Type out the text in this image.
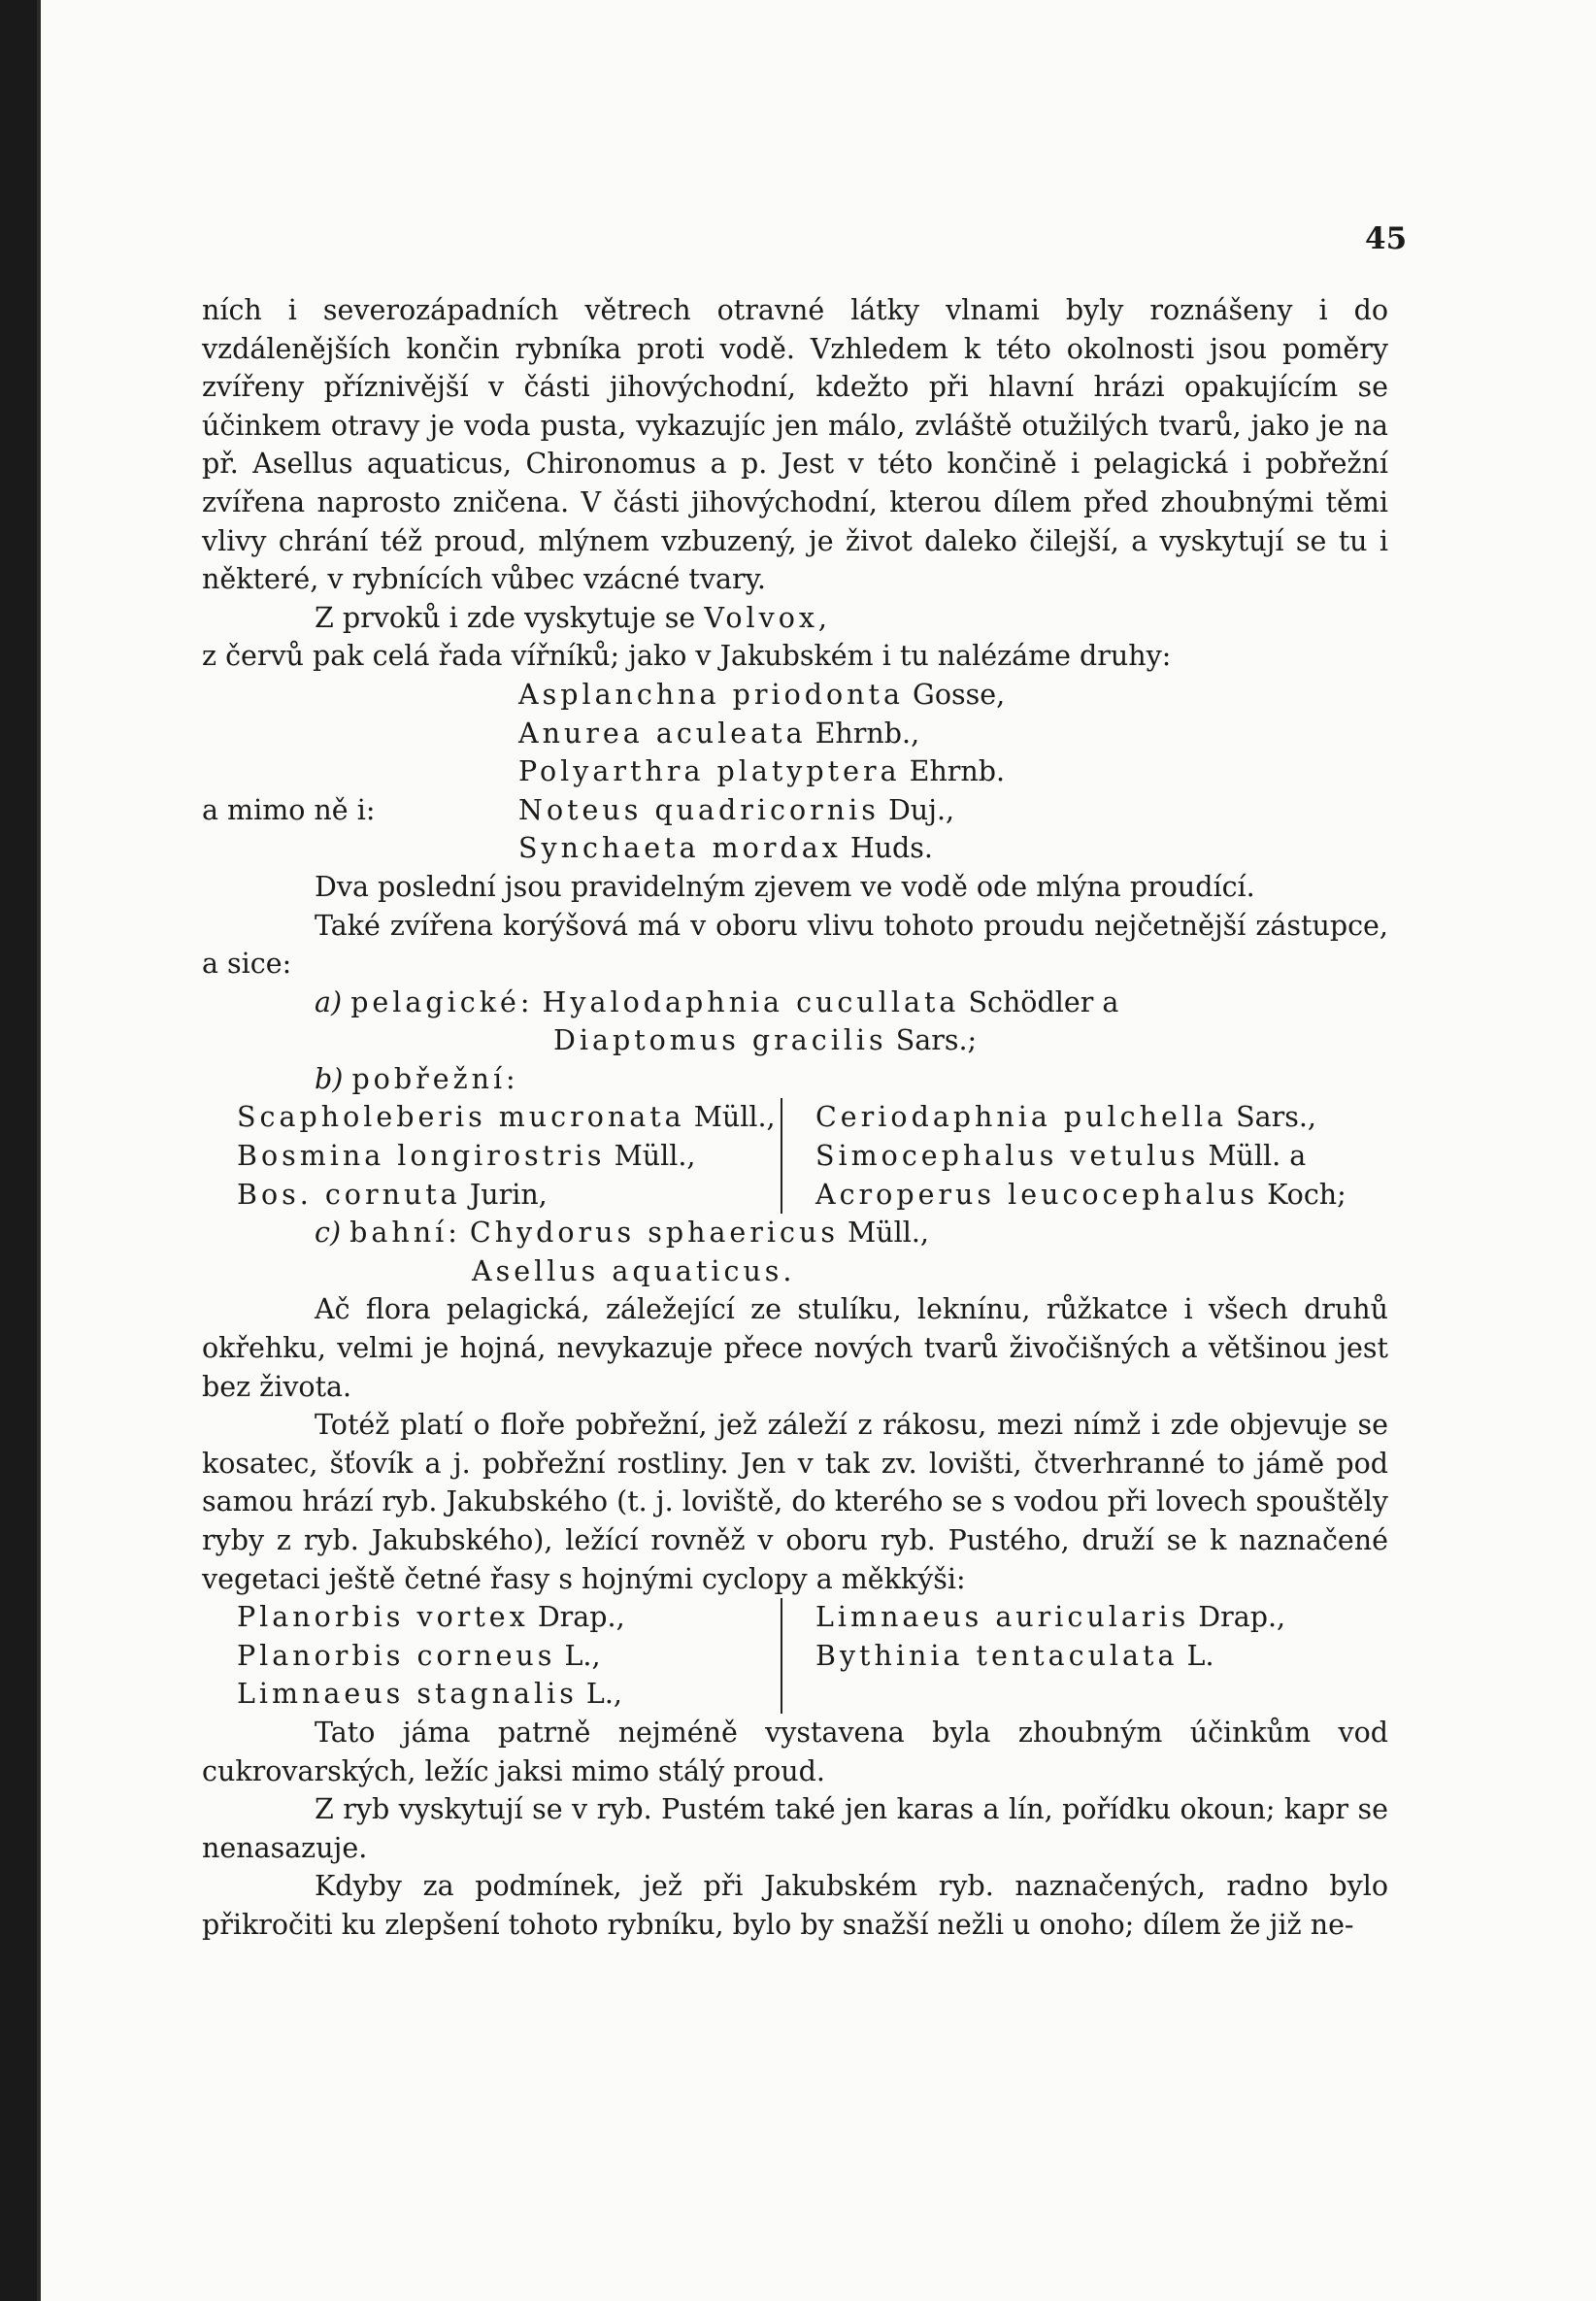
45

ních i severozápadních větrech otravné látky vlnami byly roznášeny i do vzdálenějších končin rybníka proti vodě. Vzhledem k této okolnosti jsou poměry zvířeny příznivější v části jihovýchodní, kdežto při hlavní hrázi opakujícím se účinkem otravy je voda pusta, vykazujíc jen málo, zvláště otužilých tvarů, jako je na př. Asellus aquaticus, Chironomus a p. Jest v této končině i pelagická i pobřežní zvířena naprosto zničena. V části jihovýchodní, kterou dílem před zhoubnými těmi vlivy chrání též proud, mlýnem vzbuzený, je život daleko čilejší, a vyskytují se tu i některé, v rybnících vůbec vzácné tvary.

Z prvoků i zde vyskytuje se Volvox,

z červů pak celá řada vířníků; jako v Jakubském i tu nalézáme druhy:

Asplanchna priodonta
Gosse,
Anurea aculeata
Ehrnb.,
Polyarthra platyptera
Ehrnb.
a mimo ně i:	Noteus quadricornis
Duj.,
Synchaeta mordax
Huds.

Dva poslední jsou pravidelným zjevem ve vodě ode mlýna proudící.

Také zvířena korýšová má v oboru vlivu tohoto proudu nejčetnější zástupce, a sice:

a)
pelagické:
Hyalodaphnia cucullata
Schödler a
Diaptomus gracilis
Sars.;
b)
pobřežní:
Scapholeberis mucronata
Müll.,
Bosmina longirostris
Müll.,
Bos. cornuta
Jurin,
Ceriodaphnia pulchella
Sars.,
Simocephalus vetulus
Müll. a
Acroperus leucocephalus
Koch;
c)
bahní:
Chydorus sphaericus
Müll.,
Asellus aquaticus.

Ač flora pelagická, záležející ze stulíku, leknínu, růžkatce i všech druhů okřehku, velmi je hojná, nevykazuje přece nových tvarů živočišných a většinou jest bez života.

Totéž platí o floře pobřežní, jež záleží z rákosu, mezi nímž i zde objevuje se kosatec, šťovík a j. pobřežní rostliny. Jen v tak zv. lovišti, čtverhranné to jámě pod samou hrází ryb. Jakubského (t. j. loviště, do kterého se s vodou při lovech spouštěly ryby z ryb. Jakubského), ležící rovněž v oboru ryb. Pustého, druží se k naznačené vegetaci ještě četné řasy s hojnými cyclopy a měkkýši:

Planorbis vortex
Drap.,
Planorbis corneus
L.,
Limnaeus stagnalis
L.,
Limnaeus auricularis
Drap.,
Bythinia tentaculata
L.

Tato jáma patrně nejméně vystavena byla zhoubným účinkům vod cukrovarských, ležíc jaksi mimo stálý proud.

Z ryb vyskytují se v ryb. Pustém také jen karas a lín, pořídku okoun; kapr se nenasazuje.

Kdyby za podmínek, jež při Jakubském ryb. naznačených, radno bylo přikročiti ku zlepšení tohoto rybníku, bylo by snažší nežli u onoho; dílem že již ne-
